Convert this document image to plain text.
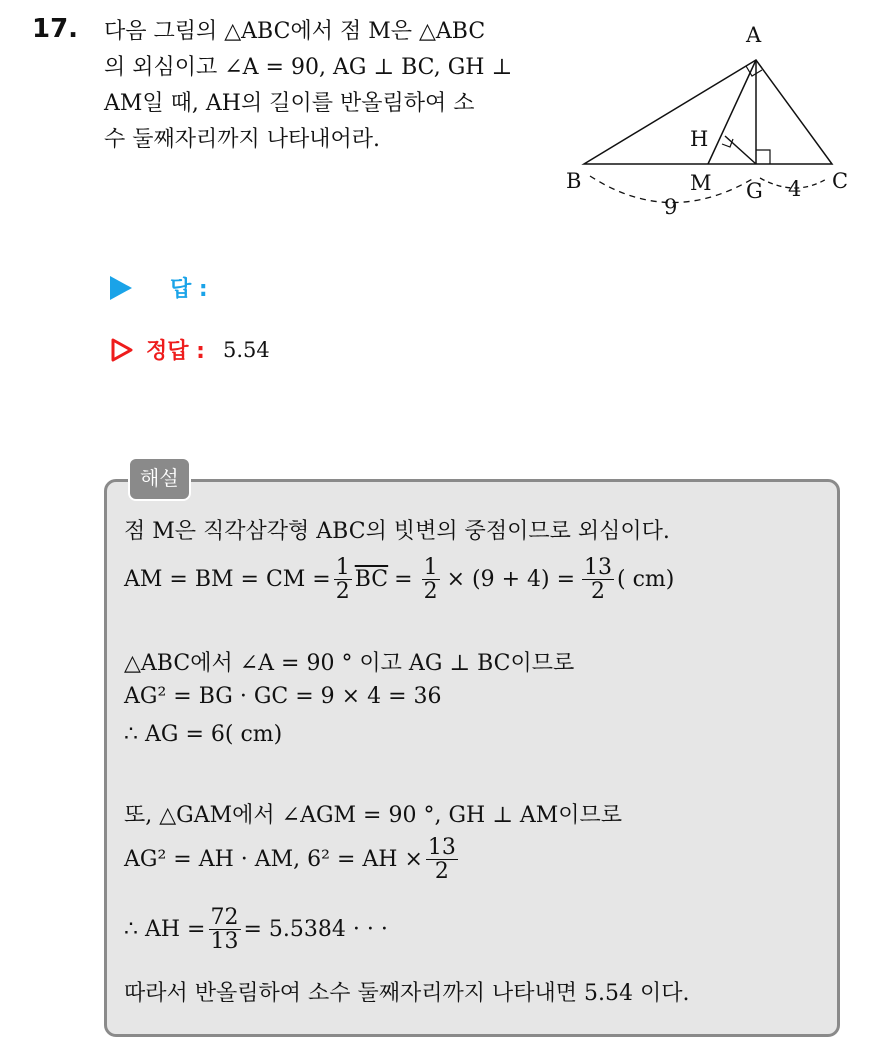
17. 다음 그림의 △ABC에서 점 M은 △ABC
의 외심이고 ∠A = 90, AG ⊥ BC, GH ⊥
AM일 때, AH의 길이를 반올림하여 소
수 둘째자리까지 나타내어라.
A
B	C
M G
H
9
4
답 :
정답 : 5.54
해설
점 M은 직각삼각형 ABC의 빗변의 중점이므로 외심이다.
AM = BM = CM = $\frac{1}{2} \overline{BC} = \frac{1}{2} \times (9 + 4) = \frac{13}{2}$ ( cm)
△ABC에서 ∠A = 90 ° 이고 AG ⊥ BC이므로
AG² = BG · GC = 9 × 4 = 36
∴ AG = 6( cm)
또, △GAM에서 ∠AGM = 90 °, GH ⊥ AM이므로
AG² = AH · AM, 6² = AH × $\frac{13}{2}$
∴ AH = $\frac{72}{13} = 5.5384$ · · ·
따라서 반올림하여 소수 둘째자리까지 나타내면 5.54 이다.
